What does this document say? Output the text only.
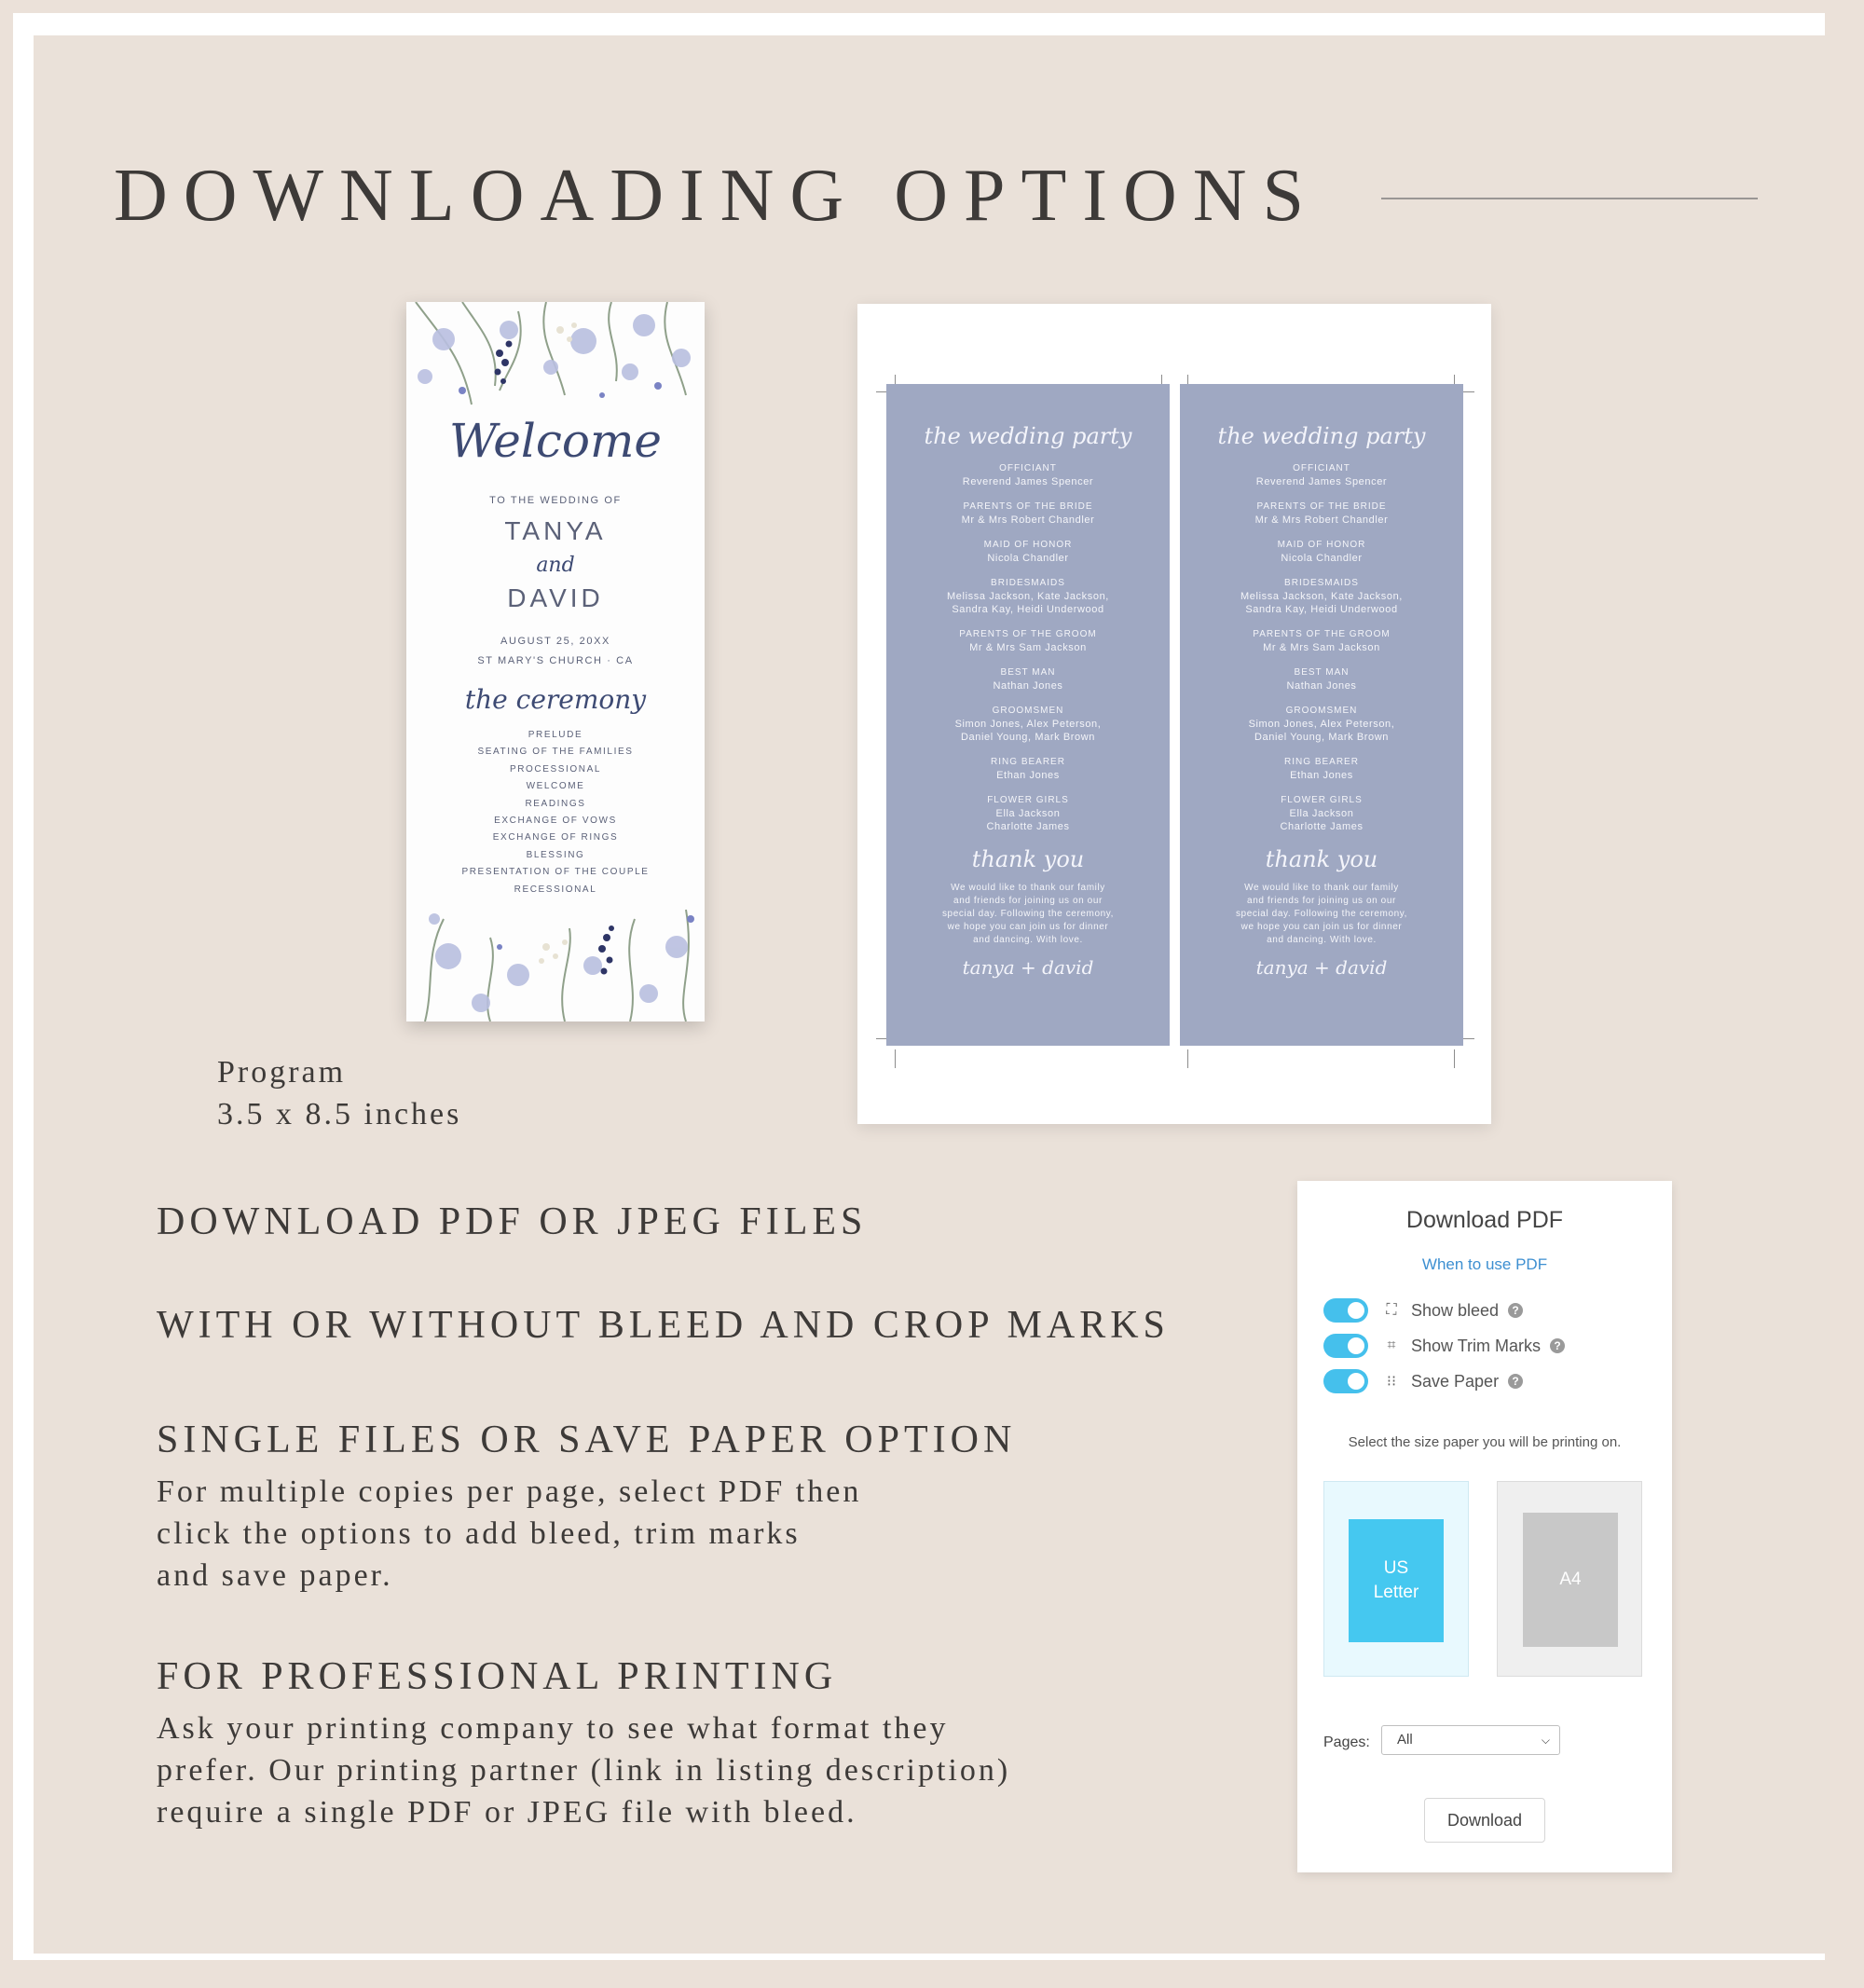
DOWNLOADING OPTIONS
Welcome
TO THE WEDDING OF
TANYA
and
DAVID
AUGUST 25, 20XX
ST MARY'S CHURCH · CA
the ceremony
PRELUDE
SEATING OF THE FAMILIES
PROCESSIONAL
WELCOME
READINGS
EXCHANGE OF VOWS
EXCHANGE OF RINGS
BLESSING
PRESENTATION OF THE COUPLE
RECESSIONAL
Program
3.5 x 8.5 inches
the wedding party
OFFICIANT
Reverend James Spencer
PARENTS OF THE BRIDE
Mr & Mrs Robert Chandler
MAID OF HONOR
Nicola Chandler
BRIDESMAIDS
Melissa Jackson, Kate Jackson,
Sandra Kay, Heidi Underwood
PARENTS OF THE GROOM
Mr & Mrs Sam Jackson
BEST MAN
Nathan Jones
GROOMSMEN
Simon Jones, Alex Peterson,
Daniel Young, Mark Brown
RING BEARER
Ethan Jones
FLOWER GIRLS
Ella Jackson
Charlotte James
thank you
We would like to thank our family
and friends for joining us on our
special day. Following the ceremony,
we hope you can join us for dinner
and dancing. With love.
tanya + david
the wedding party
OFFICIANT
Reverend James Spencer
PARENTS OF THE BRIDE
Mr & Mrs Robert Chandler
MAID OF HONOR
Nicola Chandler
BRIDESMAIDS
Melissa Jackson, Kate Jackson,
Sandra Kay, Heidi Underwood
PARENTS OF THE GROOM
Mr & Mrs Sam Jackson
BEST MAN
Nathan Jones
GROOMSMEN
Simon Jones, Alex Peterson,
Daniel Young, Mark Brown
RING BEARER
Ethan Jones
FLOWER GIRLS
Ella Jackson
Charlotte James
thank you
We would like to thank our family
and friends for joining us on our
special day. Following the ceremony,
we hope you can join us for dinner
and dancing. With love.
tanya + david
DOWNLOAD PDF OR JPEG FILES
WITH OR WITHOUT BLEED AND CROP MARKS
SINGLE FILES OR SAVE PAPER OPTION
For multiple copies per page, select PDF then
click the options to add bleed, trim marks
and save paper.
FOR PROFESSIONAL PRINTING
Ask your printing company to see what format they
prefer. Our printing partner (link in listing description)
require a single PDF or JPEG file with bleed.
Download PDF
When to use PDF
⛶ Show bleed	?
⌗ Show Trim Marks	?
⁝⁝ Save Paper	?
Select the size paper you will be printing on.
US
Letter
A4
Pages:	All	⌵
Download
